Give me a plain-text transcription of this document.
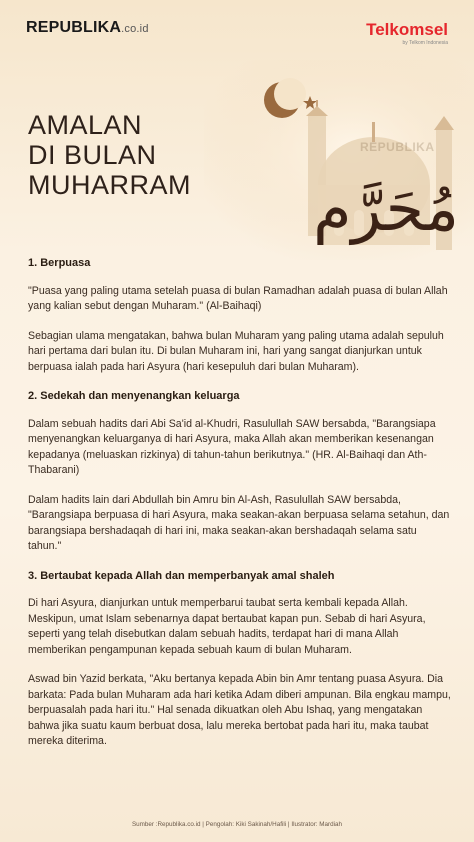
REPUBLIKA.co.id	Telkomsel
by Telkom Indonesia
مُحَرَّم
REPUBLIKA
AMALAN
DI BULAN
MUHARRAM
1. Berpuasa

"Puasa yang paling utama setelah puasa di bulan Ramadhan adalah puasa di bulan Allah yang kalian sebut dengan Muharam." (Al-Baihaqi)

Sebagian ulama mengatakan, bahwa bulan Muharam yang paling utama adalah sepuluh hari pertama dari bulan itu. Di bulan Muharam ini, hari yang sangat dianjurkan untuk berpuasa ialah pada hari Asyura (hari kesepuluh dari bulan Muharam).

2. Sedekah dan menyenangkan keluarga

Dalam sebuah hadits dari Abi Sa'id al-Khudri, Rasulullah SAW bersabda, "Barangsiapa menyenangkan keluarganya di hari Asyura, maka Allah akan memberikan kesenangan kepadanya (meluaskan rizkinya) di tahun-tahun berikutnya." (HR. Al-Baihaqi dan Ath-Thabarani)

Dalam hadits lain dari Abdullah bin Amru bin Al-Ash, Rasulullah SAW bersabda, "Barangsiapa berpuasa di hari Asyura, maka seakan-akan berpuasa selama setahun, dan barangsiapa bershadaqah di hari ini, maka seakan-akan bershadaqah selama satu tahun."

3. Bertaubat kepada Allah dan memperbanyak amal shaleh

Di hari Asyura, dianjurkan untuk memperbarui taubat serta kembali kepada Allah. Meskipun, umat Islam sebenarnya dapat bertaubat kapan pun. Sebab di hari Asyura, seperti yang telah disebutkan dalam sebuah hadits, terdapat hari di mana Allah memberikan pengampunan kepada sebuah kaum di bulan Muharam.

Aswad bin Yazid berkata, "Aku bertanya kepada Abin bin Amr tentang puasa Asyura. Dia barkata: Pada bulan Muharam ada hari ketika Adam diberi ampunan. Bila engkau mampu, berpuasalah pada hari itu." Hal senada dikuatkan oleh Abu Ishaq, yang mengatakan bahwa jika suatu kaum berbuat dosa, lalu mereka bertobat pada hari itu, maka taubat mereka diterima.

Sumber :Republika.co.id | Pengolah: Kiki Sakinah/Hafili | Ilustrator: Mardiah
